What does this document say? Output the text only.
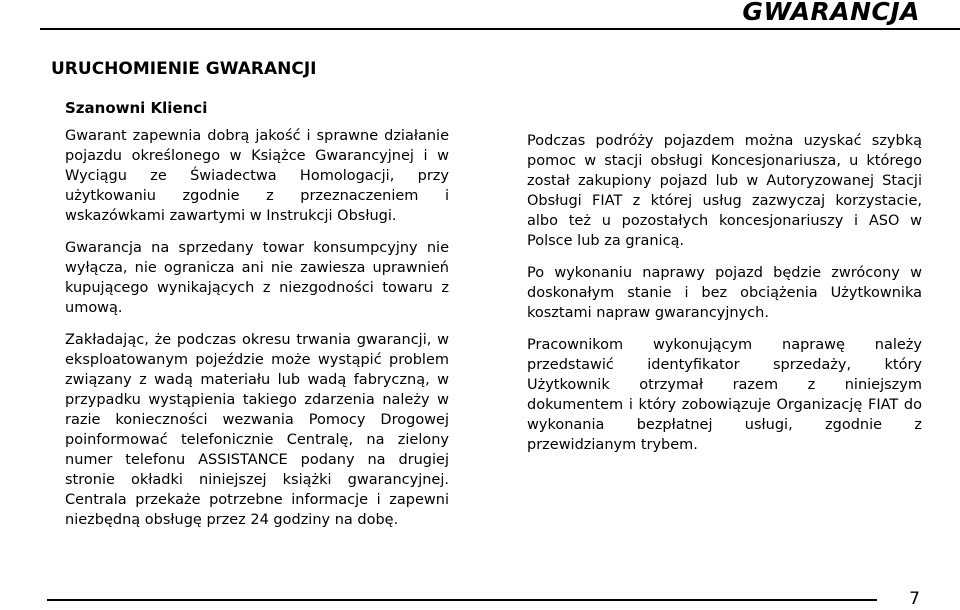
GWARANCJA
URUCHOMIENIE GWARANCJI
Szanowni Klienci

Gwarant zapewnia dobrą jakość i sprawne działanie pojazdu określonego w Książce Gwarancyjnej i w Wyciągu ze Świadectwa Homologacji, przy użytkowaniu zgodnie z przeznaczeniem i wskazówkami zawartymi w Instrukcji Obsługi.

Gwarancja na sprzedany towar konsumpcyjny nie wyłącza, nie ogranicza ani nie zawiesza uprawnień kupującego wynikających z niezgodności towaru z umową.

Zakładając, że podczas okresu trwania gwarancji, w eksploatowanym pojeździe może wystąpić problem związany z wadą materiału lub wadą fabryczną, w przypadku wystąpienia takiego zdarzenia należy w razie konieczności wezwania Pomocy Drogowej poinformować telefonicznie Centralę, na zielony numer telefonu ASSISTANCE podany na drugiej stronie okładki niniejszej książki gwarancyjnej. Centrala przekaże potrzebne informacje i zapewni niezbędną obsługę przez 24 godziny na dobę.

Podczas podróży pojazdem można uzyskać szybką pomoc w stacji obsługi Koncesjonariusza, u którego został zakupiony pojazd lub w Autoryzowanej Stacji Obsługi FIAT z której usług zazwyczaj korzystacie, albo też u pozostałych koncesjonariuszy i ASO w Polsce lub za granicą.

Po wykonaniu naprawy pojazd będzie zwrócony w doskonałym stanie i bez obciążenia Użytkownika kosztami napraw gwarancyjnych.

Pracownikom wykonującym naprawę należy przedstawić identyfikator sprzedaży, który Użytkownik otrzymał razem z niniejszym dokumentem i który zobowiązuje Organizację FIAT do wykonania bezpłatnej usługi, zgodnie z przewidzianym trybem.

7
